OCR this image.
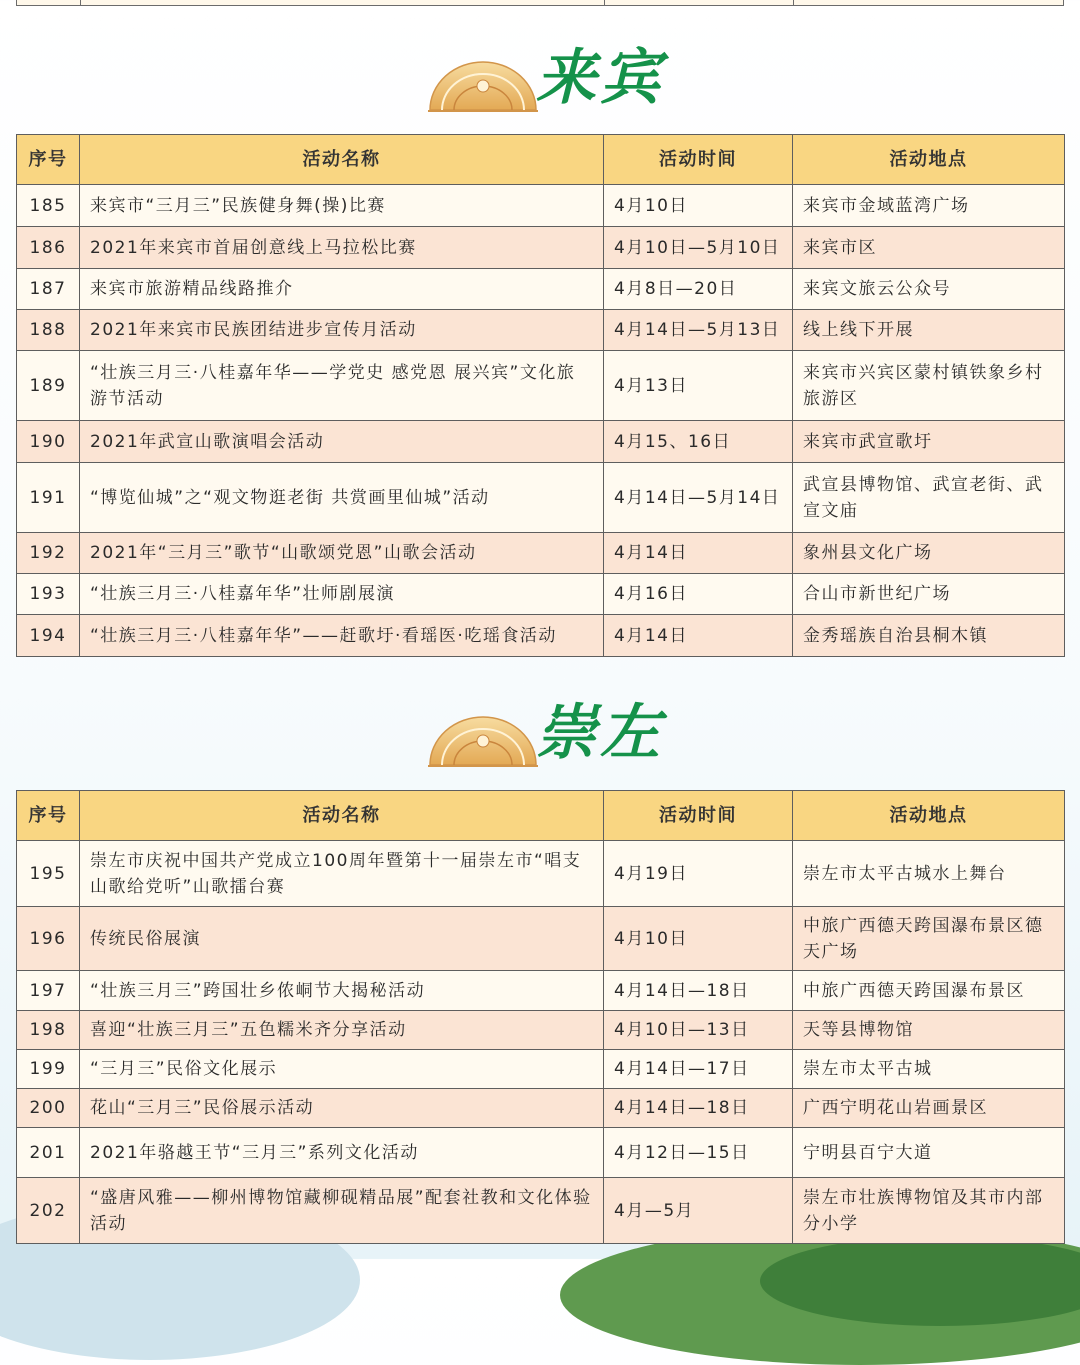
来宾
序号	活动名称	活动时间	活动地点
185	来宾市“三月三”民族健身舞(操)比赛	4月10日	来宾市金域蓝湾广场
186	2021年来宾市首届创意线上马拉松比赛	4月10日—5月10日	来宾市区
187	来宾市旅游精品线路推介	4月8日—20日	来宾文旅云公众号
188	2021年来宾市民族团结进步宣传月活动	4月14日—5月13日	线上线下开展
189	“壮族三月三·八桂嘉年华——学党史 感党恩 展兴宾”文化旅游节活动	4月13日	来宾市兴宾区蒙村镇铁象乡村旅游区
190	2021年武宣山歌演唱会活动	4月15、16日	来宾市武宣歌圩
191	“博览仙城”之“观文物逛老街 共赏画里仙城”活动	4月14日—5月14日	武宣县博物馆、武宣老街、武宣文庙
192	2021年“三月三”歌节“山歌颂党恩”山歌会活动	4月14日	象州县文化广场
193	“壮族三月三·八桂嘉年华”壮师剧展演	4月16日	合山市新世纪广场
194	“壮族三月三·八桂嘉年华”——赶歌圩·看瑶医·吃瑶食活动	4月14日	金秀瑶族自治县桐木镇
崇左
序号	活动名称	活动时间	活动地点
195	崇左市庆祝中国共产党成立100周年暨第十一届崇左市“唱支山歌给党听”山歌擂台赛	4月19日	崇左市太平古城水上舞台
196	传统民俗展演	4月10日	中旅广西德天跨国瀑布景区德天广场
197	“壮族三月三”跨国壮乡侬峒节大揭秘活动	4月14日—18日	中旅广西德天跨国瀑布景区
198	喜迎“壮族三月三”五色糯米齐分享活动	4月10日—13日	天等县博物馆
199	“三月三”民俗文化展示	4月14日—17日	崇左市太平古城
200	花山“三月三”民俗展示活动	4月14日—18日	广西宁明花山岩画景区
201	2021年骆越王节“三月三”系列文化活动	4月12日—15日	宁明县百宁大道
202	“盛唐风雅——柳州博物馆藏柳砚精品展”配套社教和文化体验活动	4月—5月	崇左市壮族博物馆及其市内部分小学
